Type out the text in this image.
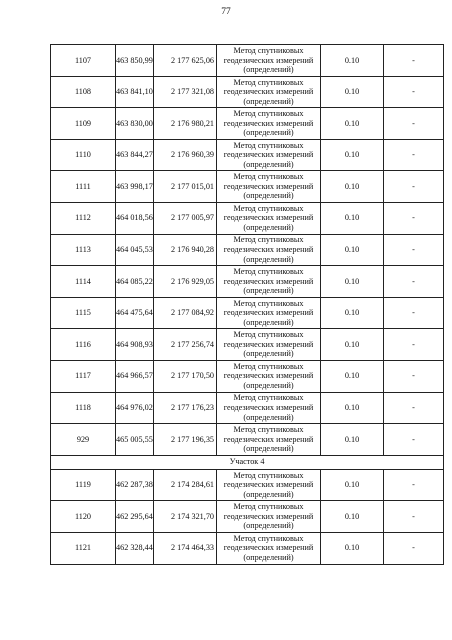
77
1107	463 850,99	2 177 625,06	Метод спутниковых
геодезических измерений
(определений)	0.10	-
1108	463 841,10	2 177 321,08	Метод спутниковых
геодезических измерений
(определений)	0.10	-
1109	463 830,00	2 176 980,21	Метод спутниковых
геодезических измерений
(определений)	0.10	-
1110	463 844,27	2 176 960,39	Метод спутниковых
геодезических измерений
(определений)	0.10	-
1111	463 998,17	2 177 015,01	Метод спутниковых
геодезических измерений
(определений)	0.10	-
1112	464 018,56	2 177 005,97	Метод спутниковых
геодезических измерений
(определений)	0.10	-
1113	464 045,53	2 176 940,28	Метод спутниковых
геодезических измерений
(определений)	0.10	-
1114	464 085,22	2 176 929,05	Метод спутниковых
геодезических измерений
(определений)	0.10	-
1115	464 475,64	2 177 084,92	Метод спутниковых
геодезических измерений
(определений)	0.10	-
1116	464 908,93	2 177 256,74	Метод спутниковых
геодезических измерений
(определений)	0.10	-
1117	464 966,57	2 177 170,50	Метод спутниковых
геодезических измерений
(определений)	0.10	-
1118	464 976,02	2 177 176,23	Метод спутниковых
геодезических измерений
(определений)	0.10	-
929	465 005,55	2 177 196,35	Метод спутниковых
геодезических измерений
(определений)	0.10	-
Участок 4					
1119	462 287,38	2 174 284,61	Метод спутниковых
геодезических измерений
(определений)	0.10	-
1120	462 295,64	2 174 321,70	Метод спутниковых
геодезических измерений
(определений)	0.10	-
1121	462 328,44	2 174 464,33	Метод спутниковых
геодезических измерений
(определений)	0.10	-
